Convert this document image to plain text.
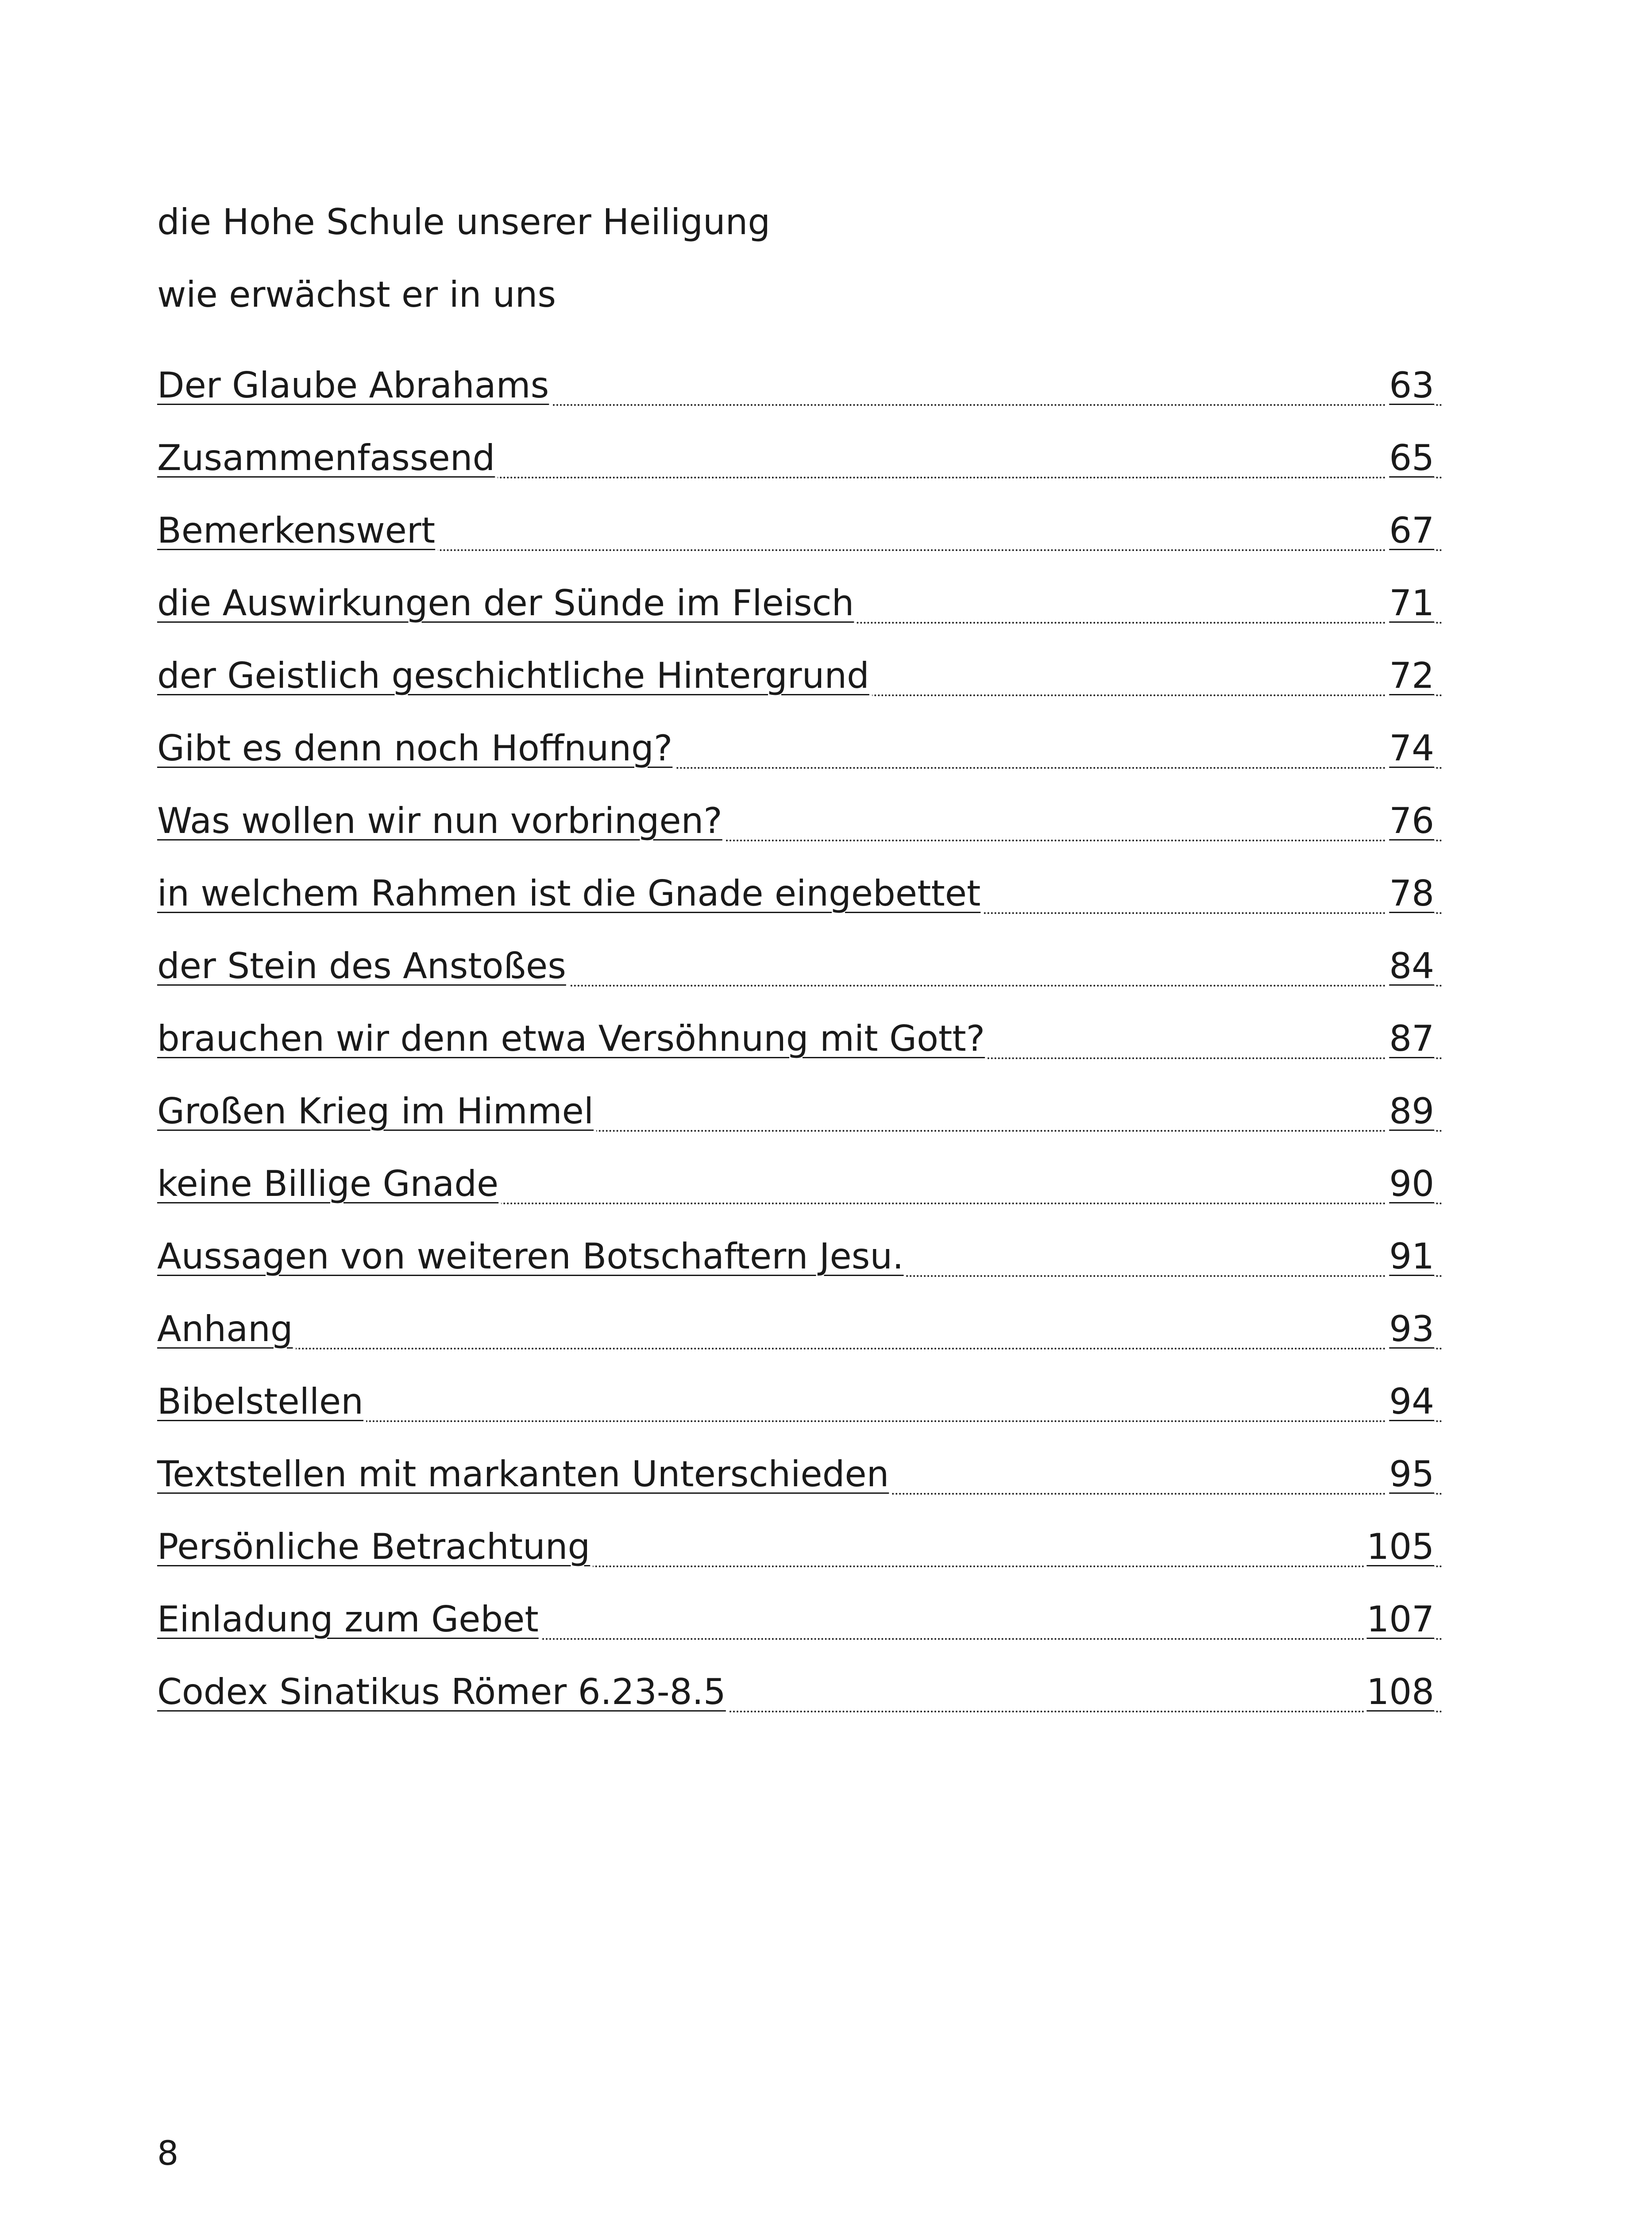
die Hohe Schule unserer Heiligung
wie erwächst er in uns
Der Glaube Abrahams	63
Zusammenfassend	65
Bemerkenswert	67
die Auswirkungen der Sünde im Fleisch	71
der Geistlich geschichtliche Hintergrund	72
Gibt es denn noch Hoffnung?	74
Was wollen wir nun vorbringen?	76
in welchem Rahmen ist die Gnade eingebettet	78
der Stein des Anstoßes	84
brauchen wir denn etwa Versöhnung mit Gott?	87
Großen Krieg im Himmel	89
keine Billige Gnade	90
Aussagen von weiteren Botschaftern Jesu.	91
Anhang	93
Bibelstellen	94
Textstellen mit markanten Unterschieden	95
Persönliche Betrachtung	105
Einladung zum Gebet	107
Codex Sinatikus Römer 6.23-8.5	108
8
